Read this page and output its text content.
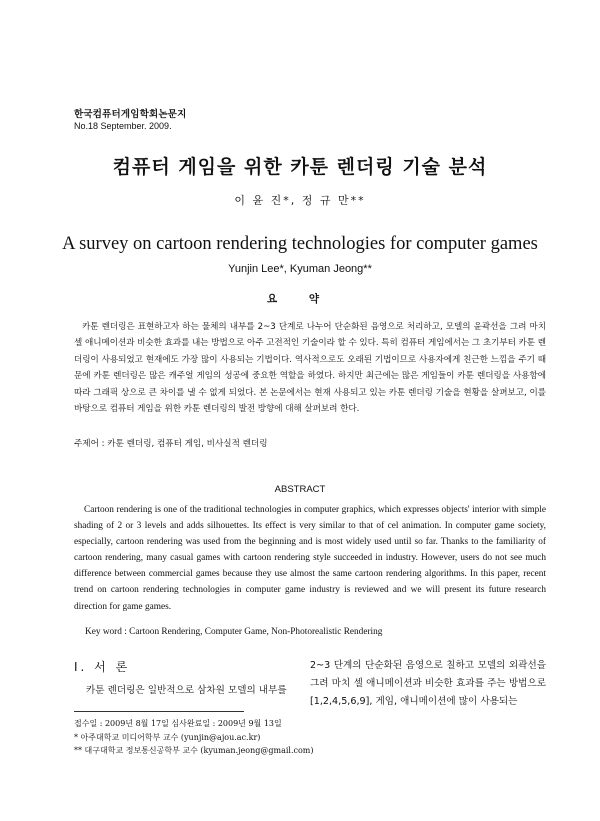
한국컴퓨터게임학회논문지
No.18 September. 2009.
컴퓨터 게임을 위한 카툰 렌더링 기술 분석
이 윤 진*, 정 규 만**
A survey on cartoon rendering technologies for computer games
Yunjin Lee*, Kyuman Jeong**
요 약
카툰 렌더링은 표현하고자 하는 물체의 내부를 2~3 단계로 나누어 단순화된 음영으로 처리하고, 모델의 윤곽선을 그려 마치 셀 애니메이션과 비슷한 효과를 내는 방법으로 아주 고전적인 기술이라 할 수 있다. 특히 컴퓨터 게임에서는 그 초기부터 카툰 렌더링이 사용되었고 현재에도 가장 많이 사용되는 기법이다. 역사적으로도 오래된 기법이므로 사용자에게 친근한 느낌을 주기 때문에 카툰 렌더링은 많은 캐주얼 게임의 성공에 중요한 역할을 하였다. 하지만 최근에는 많은 게임들이 카툰 렌더링을 사용함에 따라 그래픽 상으로 큰 차이를 낼 수 없게 되었다. 본 논문에서는 현재 사용되고 있는 카툰 렌더링 기술을 현황을 살펴보고, 이를 바탕으로 컴퓨터 게임을 위한 카툰 렌더링의 발전 방향에 대해 살펴보려 한다.
주제어 : 카툰 렌더링, 컴퓨터 게임, 비사실적 렌더링
ABSTRACT
Cartoon rendering is one of the traditional technologies in computer graphics, which expresses objects' interior with simple shading of 2 or 3 levels and adds silhouettes. Its effect is very similar to that of cel animation. In computer game society, especially, cartoon rendering was used from the beginning and is most widely used until so far. Thanks to the familiarity of cartoon rendering, many casual games with cartoon rendering style succeeded in industry. However, users do not see much difference between commercial games because they use almost the same cartoon rendering algorithms. In this paper, recent trend on cartoon rendering technologies in computer game industry is reviewed and we will present its future research direction for game games.
Key word : Cartoon Rendering, Computer Game, Non-Photorealistic Rendering
Ⅰ. 서 론
카툰 렌더링은 일반적으로 삼차원 모델의 내부를
2~3 단계의 단순화된 음영으로 칠하고 모델의 외곽선을 그려 마치 셀 애니메이션과 비슷한 효과를 주는 방법으로[1,2,4,5,6,9], 게임, 애니메이션에 많이 사용되는
접수일 : 2009년 8월 17일 심사완료일 : 2009년 9월 13일
* 아주대학교 미디어학부 교수 (yunjin@ajou.ac.kr)
** 대구대학교 정보통신공학부 교수 (kyuman.jeong@gmail.com)
